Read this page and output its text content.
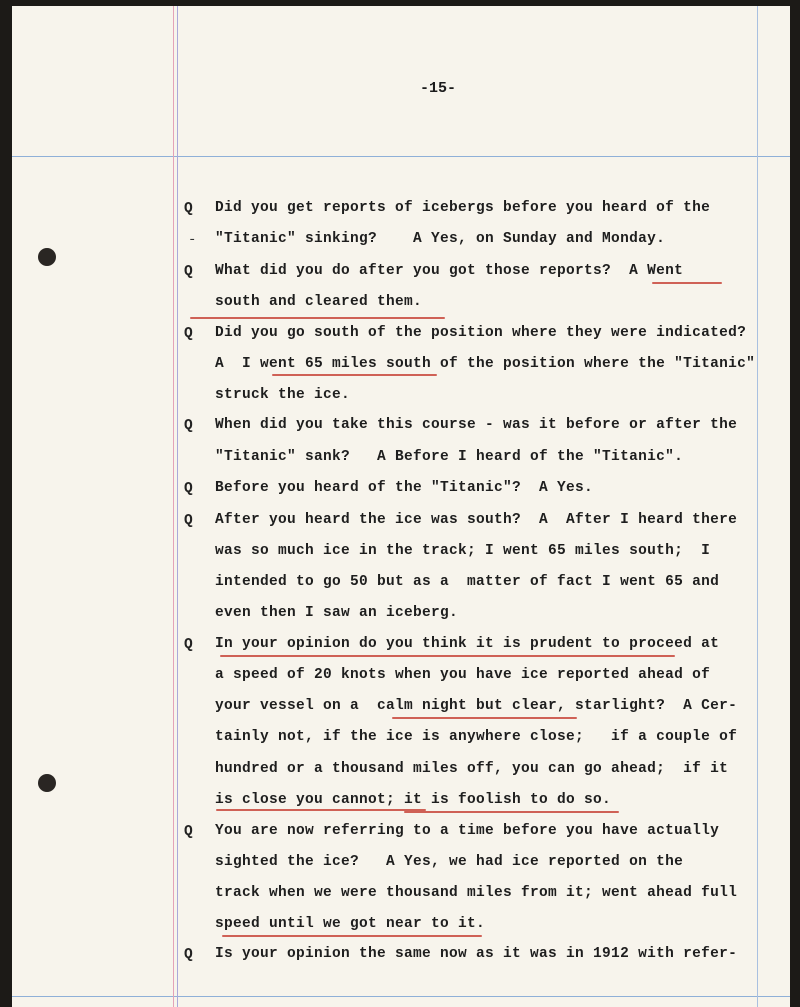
-15-
Q
-
Q
Q
Q
Q
Q
Q
Q
Q
Did you get reports of icebergs before you heard of the
"Titanic" sinking?    A Yes, on Sunday and Monday.
What did you do after you got those reports?  A Went
south and cleared them.
Did you go south of the position where they were indicated?
A  I went 65 miles south of the position where the "Titanic"
struck the ice.
When did you take this course - was it before or after the
"Titanic" sank?   A Before I heard of the "Titanic".
Before you heard of the "Titanic"?  A Yes.
After you heard the ice was south?  A  After I heard there
was so much ice in the track; I went 65 miles south;  I
intended to go 50 but as a  matter of fact I went 65 and
even then I saw an iceberg.
In your opinion do you think it is prudent to proceed at
a speed of 20 knots when you have ice reported ahead of
your vessel on a  calm night but clear, starlight?  A Cer-
tainly not, if the ice is anywhere close;   if a couple of
hundred or a thousand miles off, you can go ahead;  if it
is close you cannot; it is foolish to do so.
You are now referring to a time before you have actually
sighted the ice?   A Yes, we had ice reported on the
track when we were thousand miles from it; went ahead full
speed until we got near to it.
Is your opinion the same now as it was in 1912 with refer-
